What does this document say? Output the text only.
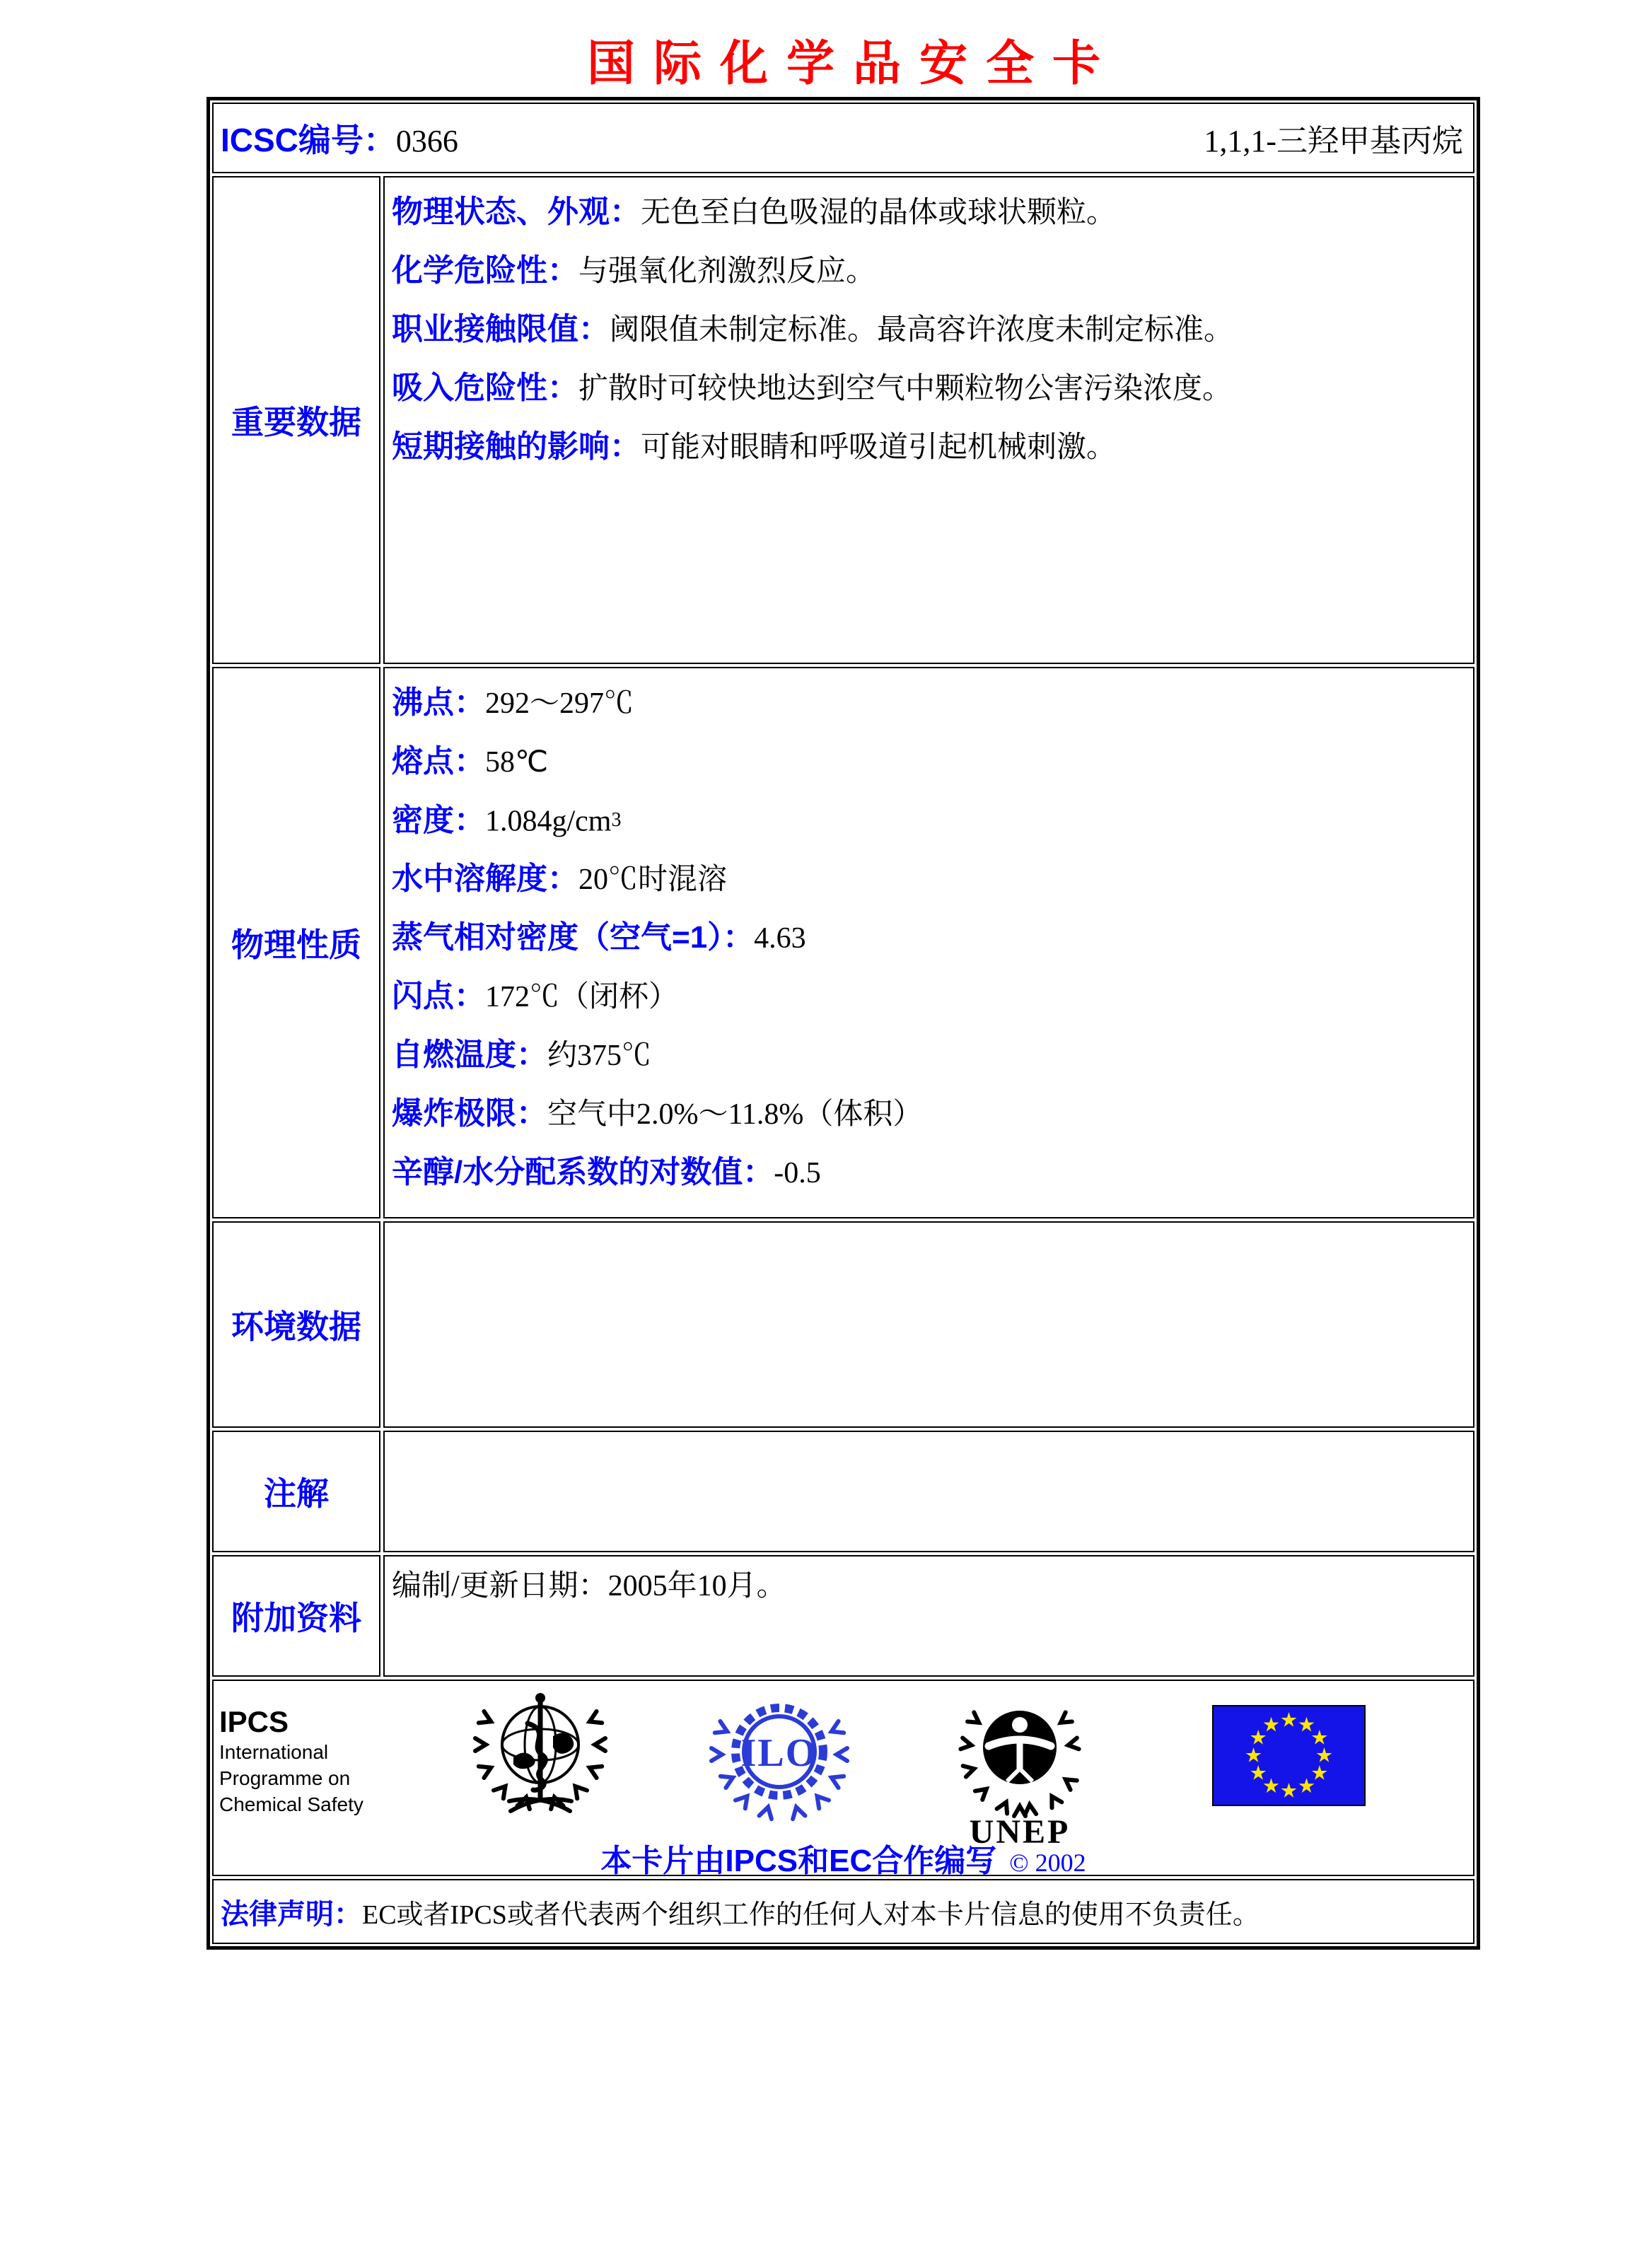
国际化学品安全卡
ICSC编号：0366	1,1,1-三羟甲基丙烷
重要数据
物理状态、外观：无色至白色吸湿的晶体或球状颗粒。
化学危险性：与强氧化剂激烈反应。
职业接触限值：阈限值未制定标准。最高容许浓度未制定标准。
吸入危险性：扩散时可较快地达到空气中颗粒物公害污染浓度。
短期接触的影响：可能对眼睛和呼吸道引起机械刺激。
物理性质
沸点：292～297℃
熔点：58℃
密度：$1.084g/cm^3$
水中溶解度：20℃时混溶
蒸气相对密度（空气=1）：4.63
闪点：172℃（闭杯）
自燃温度：约375℃
爆炸极限：空气中2.0%～11.8%（体积）
辛醇/水分配系数的对数值：-0.5
环境数据
注解
附加资料
编制/更新日期：2005年10月。
IPCS
International
Programme on
Chemical Safety
ILO
UNEP
本卡片由IPCS和EC合作编写 © 2002
法律声明： EC或者IPCS或者代表两个组织工作的任何人对本卡片信息的使用不负责任。
